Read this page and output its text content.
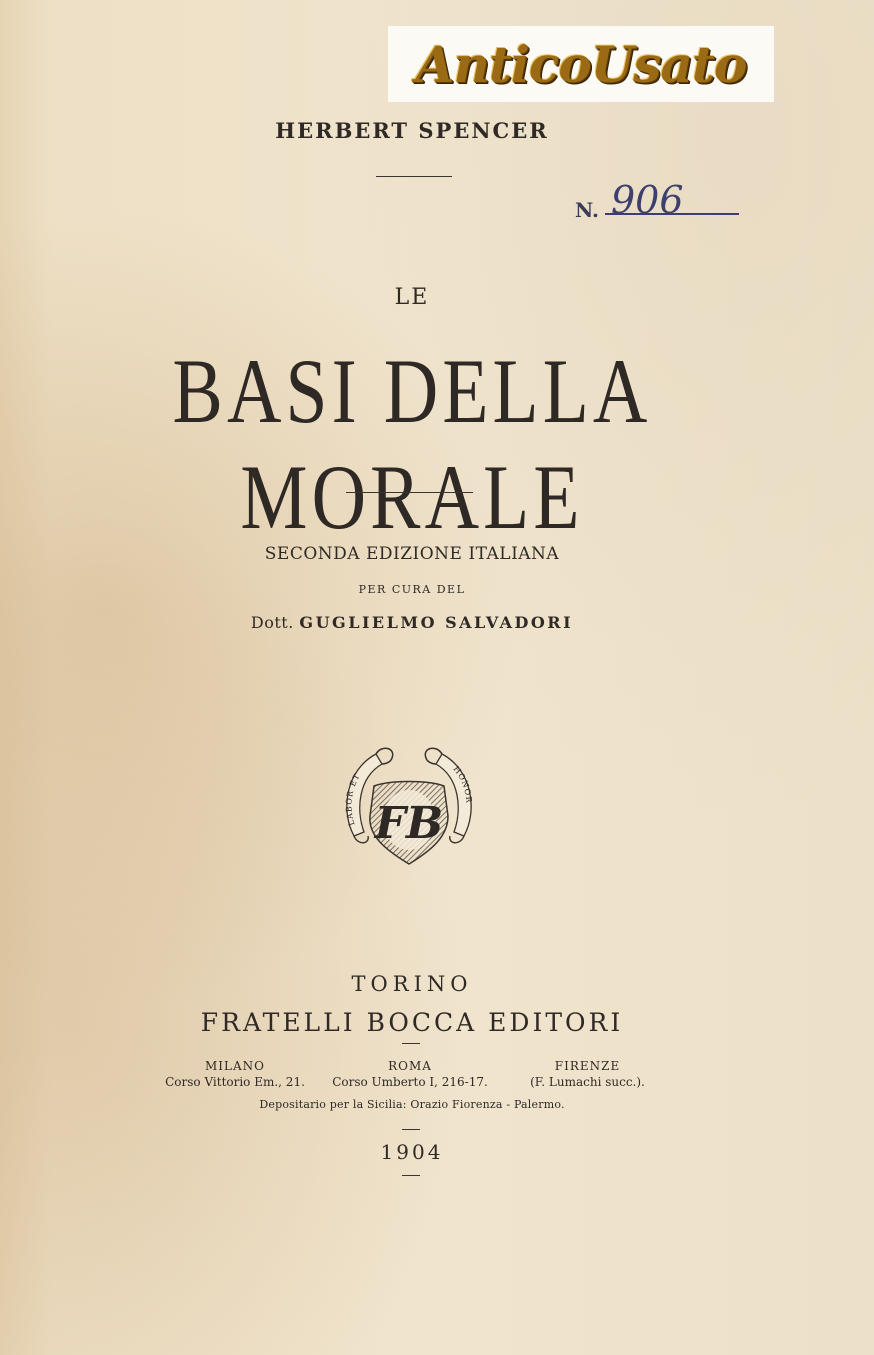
AnticoUsato
HERBERT SPENCER
N. 906
LE
BASI DELLA MORALE
SECONDA EDIZIONE ITALIANA
PER CURA DEL
Dott. GUGLIELMO SALVADORI
LABOR ET
HONOR
FB
TORINO
FRATELLI BOCCA EDITORI
MILANO
Corso Vittorio Em., 21.
ROMA
Corso Umberto I, 216-17.
FIRENZE
(F. Lumachi succ.).
Depositario per la Sicilia: Orazio Fiorenza - Palermo.
1904
